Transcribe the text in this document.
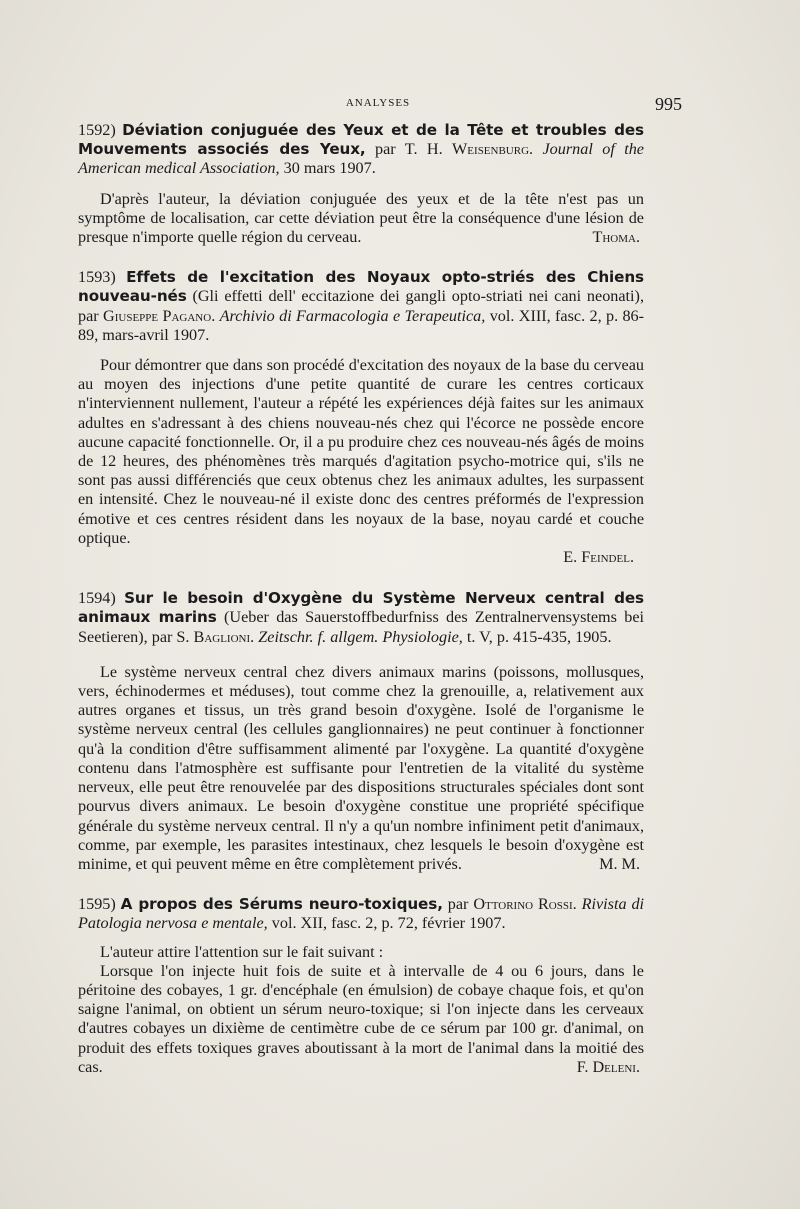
ANALYSES	995

1592) Déviation conjuguée des Yeux et de la Tête et troubles des Mouvements associés des Yeux, par T. H. Weisenburg. Journal of the American medical Association, 30 mars 1907.

D'après l'auteur, la déviation conjuguée des yeux et de la tête n'est pas un symptôme de localisation, car cette déviation peut être la conséquence d'une lésion de presque n'importe quelle région du cerveau.	Thoma.

1593) Effets de l'excitation des Noyaux opto-striés des Chiens nouveau-nés (Gli effetti dell' eccitazione dei gangli opto-striati nei cani neonati), par Giuseppe Pagano. Archivio di Farmacologia e Terapeutica, vol. XIII, fasc. 2, p. 86-89, mars-avril 1907.

Pour démontrer que dans son procédé d'excitation des noyaux de la base du cerveau au moyen des injections d'une petite quantité de curare les centres corticaux n'interviennent nullement, l'auteur a répété les expériences déjà faites sur les animaux adultes en s'adressant à des chiens nouveau-nés chez qui l'écorce ne possède encore aucune capacité fonctionnelle. Or, il a pu produire chez ces nouveau-nés âgés de moins de 12 heures, des phénomènes très marqués d'agitation psycho-motrice qui, s'ils ne sont pas aussi différenciés que ceux obtenus chez les animaux adultes, les surpassent en intensité. Chez le nouveau-né il existe donc des centres préformés de l'expression émotive et ces centres résident dans les noyaux de la base, noyau cardé et couche optique.

E. Feindel.

1594) Sur le besoin d'Oxygène du Système Nerveux central des animaux marins (Ueber das Sauerstoffbedurfniss des Zentralnervensystems bei Seetieren), par S. Baglioni. Zeitschr. f. allgem. Physiologie, t. V, p. 415-435, 1905.

Le système nerveux central chez divers animaux marins (poissons, mollusques, vers, échinodermes et méduses), tout comme chez la grenouille, a, relativement aux autres organes et tissus, un très grand besoin d'oxygène. Isolé de l'organisme le système nerveux central (les cellules ganglionnaires) ne peut continuer à fonctionner qu'à la condition d'être suffisamment alimenté par l'oxygène. La quantité d'oxygène contenu dans l'atmosphère est suffisante pour l'entretien de la vitalité du système nerveux, elle peut être renouvelée par des dispositions structurales spéciales dont sont pourvus divers animaux. Le besoin d'oxygène constitue une propriété spécifique générale du système nerveux central. Il n'y a qu'un nombre infiniment petit d'animaux, comme, par exemple, les parasites intestinaux, chez lesquels le besoin d'oxygène est minime, et qui peuvent même en être complètement privés.	M. M.

1595) A propos des Sérums neuro-toxiques, par Ottorino Rossi. Rivista di Patologia nervosa e mentale, vol. XII, fasc. 2, p. 72, février 1907.

L'auteur attire l'attention sur le fait suivant :

Lorsque l'on injecte huit fois de suite et à intervalle de 4 ou 6 jours, dans le péritoine des cobayes, 1 gr. d'encéphale (en émulsion) de cobaye chaque fois, et qu'on saigne l'animal, on obtient un sérum neuro-toxique; si l'on injecte dans les cerveaux d'autres cobayes un dixième de centimètre cube de ce sérum par 100 gr. d'animal, on produit des effets toxiques graves aboutissant à la mort de l'animal dans la moitié des cas.	F. Deleni.
